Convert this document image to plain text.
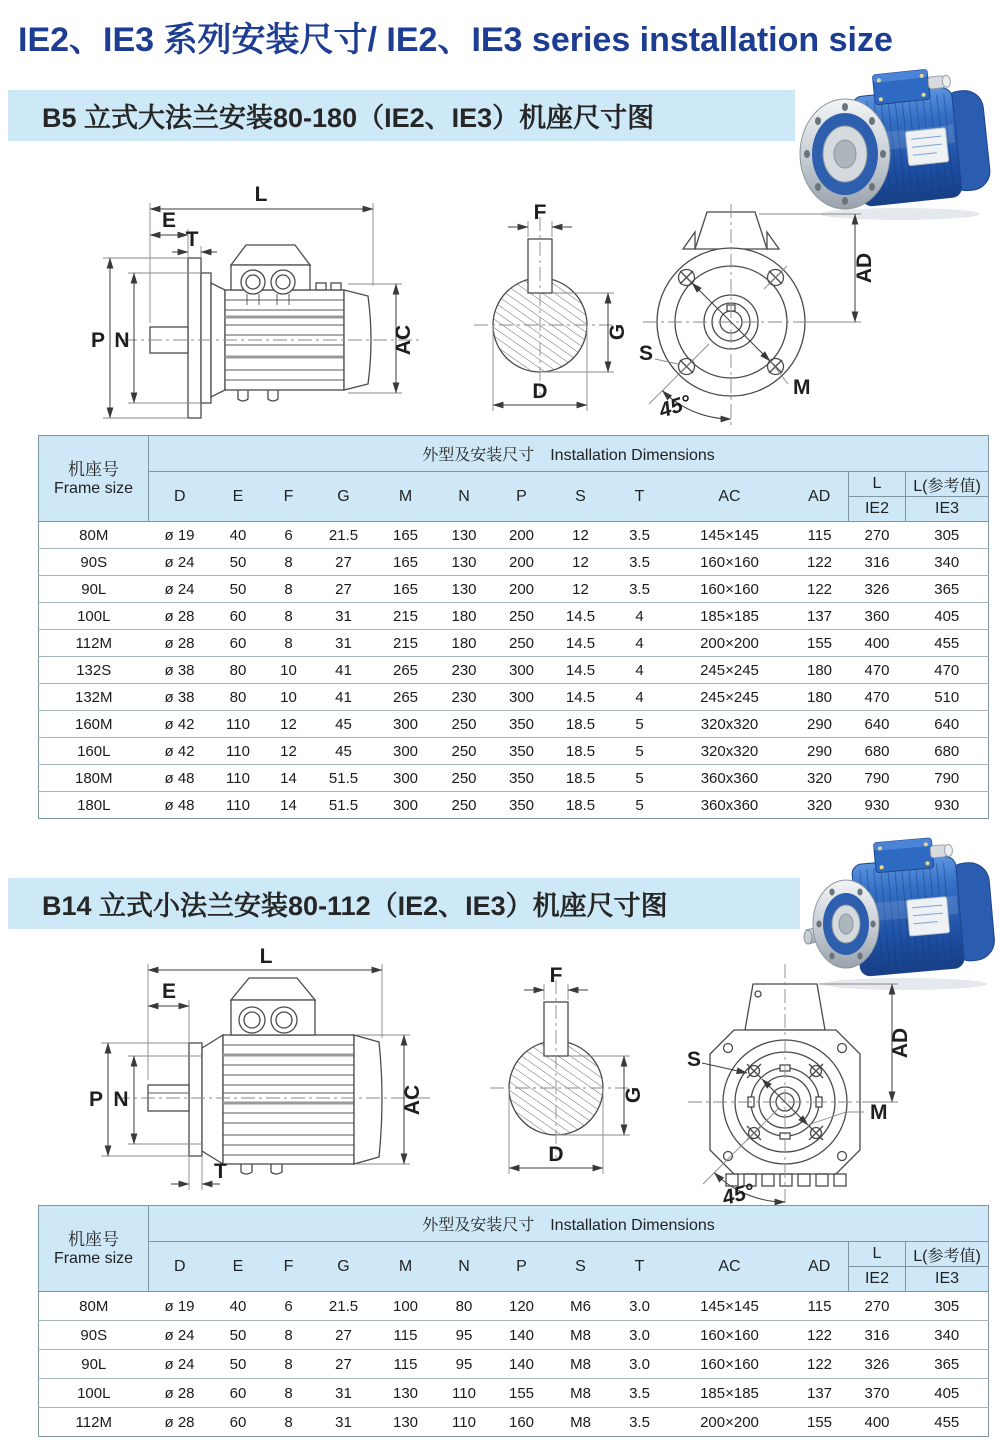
IE2、IE3 系列安装尺寸/ IE2、IE3 series installation size
B5 立式大法兰安装80-180（IE2、IE3）机座尺寸图
L
E
T
P N	AC
F
G
D
AD
M
S
45°
机座号
Frame size	外型及安装尺寸　Installation Dimensions												
	D	E	F	G	M	N	P	S	T	AC	AD	L	L(参考值)
												IE2	IE3
80M	ø 19	40	6	21.5	165	130	200	12	3.5	145×145	115	270	305
90S	ø 24	50	8	27	165	130	200	12	3.5	160×160	122	316	340
90L	ø 24	50	8	27	165	130	200	12	3.5	160×160	122	326	365
100L	ø 28	60	8	31	215	180	250	14.5	4	185×185	137	360	405
112M	ø 28	60	8	31	215	180	250	14.5	4	200×200	155	400	455
132S	ø 38	80	10	41	265	230	300	14.5	4	245×245	180	470	470
132M	ø 38	80	10	41	265	230	300	14.5	4	245×245	180	470	510
160M	ø 42	110	12	45	300	250	350	18.5	5	320x320	290	640	640
160L	ø 42	110	12	45	300	250	350	18.5	5	320x320	290	680	680
180M	ø 48	110	14	51.5	300	250	350	18.5	5	360x360	320	790	790
180L	ø 48	110	14	51.5	300	250	350	18.5	5	360x360	320	930	930
B14 立式小法兰安装80-112（IE2、IE3）机座尺寸图
L
E
P N
T
AC
F
G
D
AD
S
M
45°
机座号
Frame size	外型及安装尺寸　Installation Dimensions												
	D	E	F	G	M	N	P	S	T	AC	AD	L	L(参考值)
												IE2	IE3
80M	ø 19	40	6	21.5	100	80	120	M6	3.0	145×145	115	270	305
90S	ø 24	50	8	27	115	95	140	M8	3.0	160×160	122	316	340
90L	ø 24	50	8	27	115	95	140	M8	3.0	160×160	122	326	365
100L	ø 28	60	8	31	130	110	155	M8	3.5	185×185	137	370	405
112M	ø 28	60	8	31	130	110	160	M8	3.5	200×200	155	400	455
